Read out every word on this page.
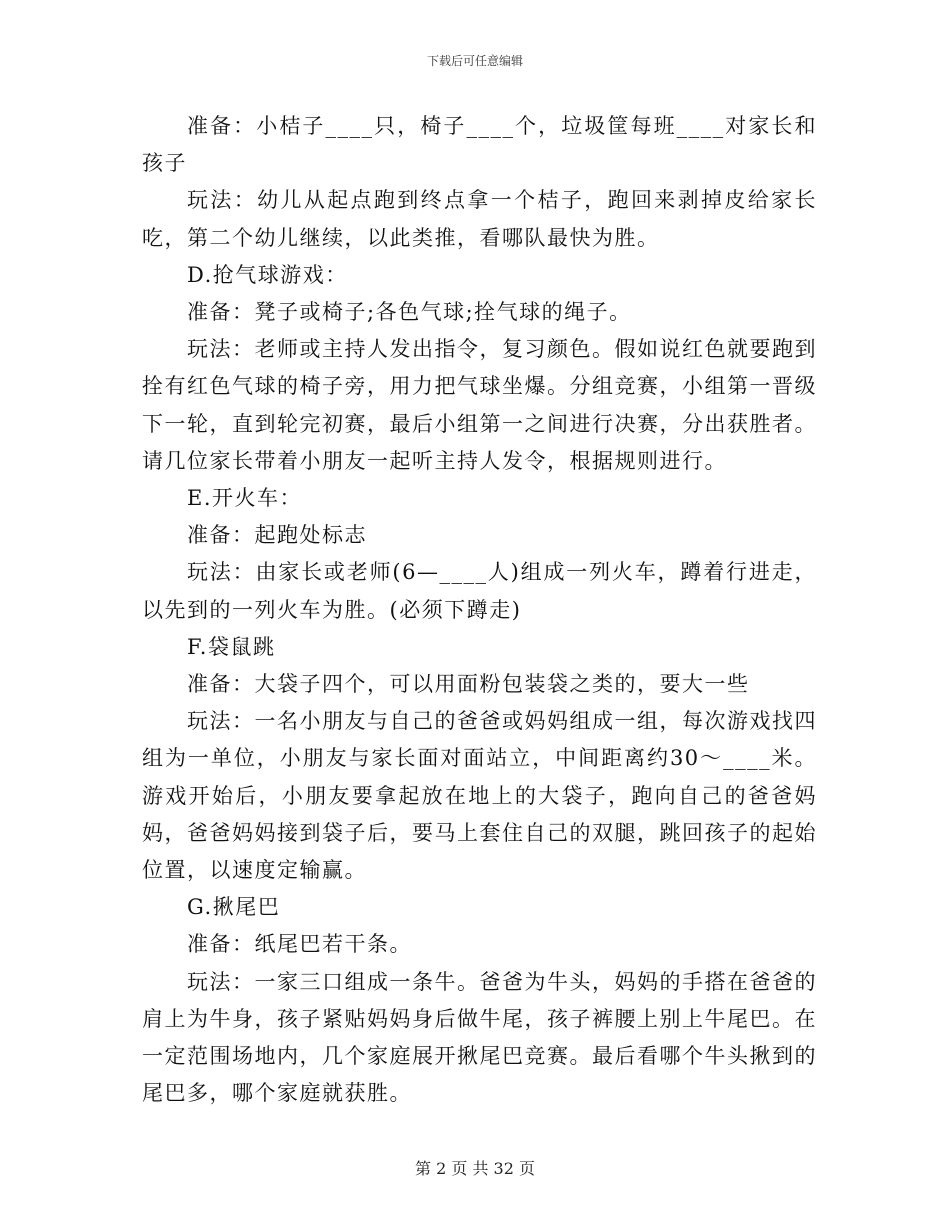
下载后可任意编辑

准备：小桔子____只，椅子____个，垃圾筐每班____对家长和孩子

玩法：幼儿从起点跑到终点拿一个桔子，跑回来剥掉皮给家长吃，第二个幼儿继续，以此类推，看哪队最快为胜。

D.抢气球游戏：

准备：凳子或椅子;各色气球;拴气球的绳子。

玩法：老师或主持人发出指令，复习颜色。假如说红色就要跑到拴有红色气球的椅子旁，用力把气球坐爆。分组竞赛，小组第一晋级下一轮，直到轮完初赛，最后小组第一之间进行决赛，分出获胜者。请几位家长带着小朋友一起听主持人发令，根据规则进行。

E.开火车：

准备：起跑处标志

玩法：由家长或老师(6—____人)组成一列火车，蹲着行进走，以先到的一列火车为胜。(必须下蹲走)

F.袋鼠跳

准备：大袋子四个，可以用面粉包装袋之类的，要大一些

玩法：一名小朋友与自己的爸爸或妈妈组成一组，每次游戏找四组为一单位，小朋友与家长面对面站立，中间距离约30～____米。游戏开始后，小朋友要拿起放在地上的大袋子，跑向自己的爸爸妈妈，爸爸妈妈接到袋子后，要马上套住自己的双腿，跳回孩子的起始位置，以速度定输赢。

G.揪尾巴

准备：纸尾巴若干条。

玩法：一家三口组成一条牛。爸爸为牛头，妈妈的手搭在爸爸的肩上为牛身，孩子紧贴妈妈身后做牛尾，孩子裤腰上别上牛尾巴。在一定范围场地内，几个家庭展开揪尾巴竞赛。最后看哪个牛头揪到的尾巴多，哪个家庭就获胜。

第 2 页 共 32 页
